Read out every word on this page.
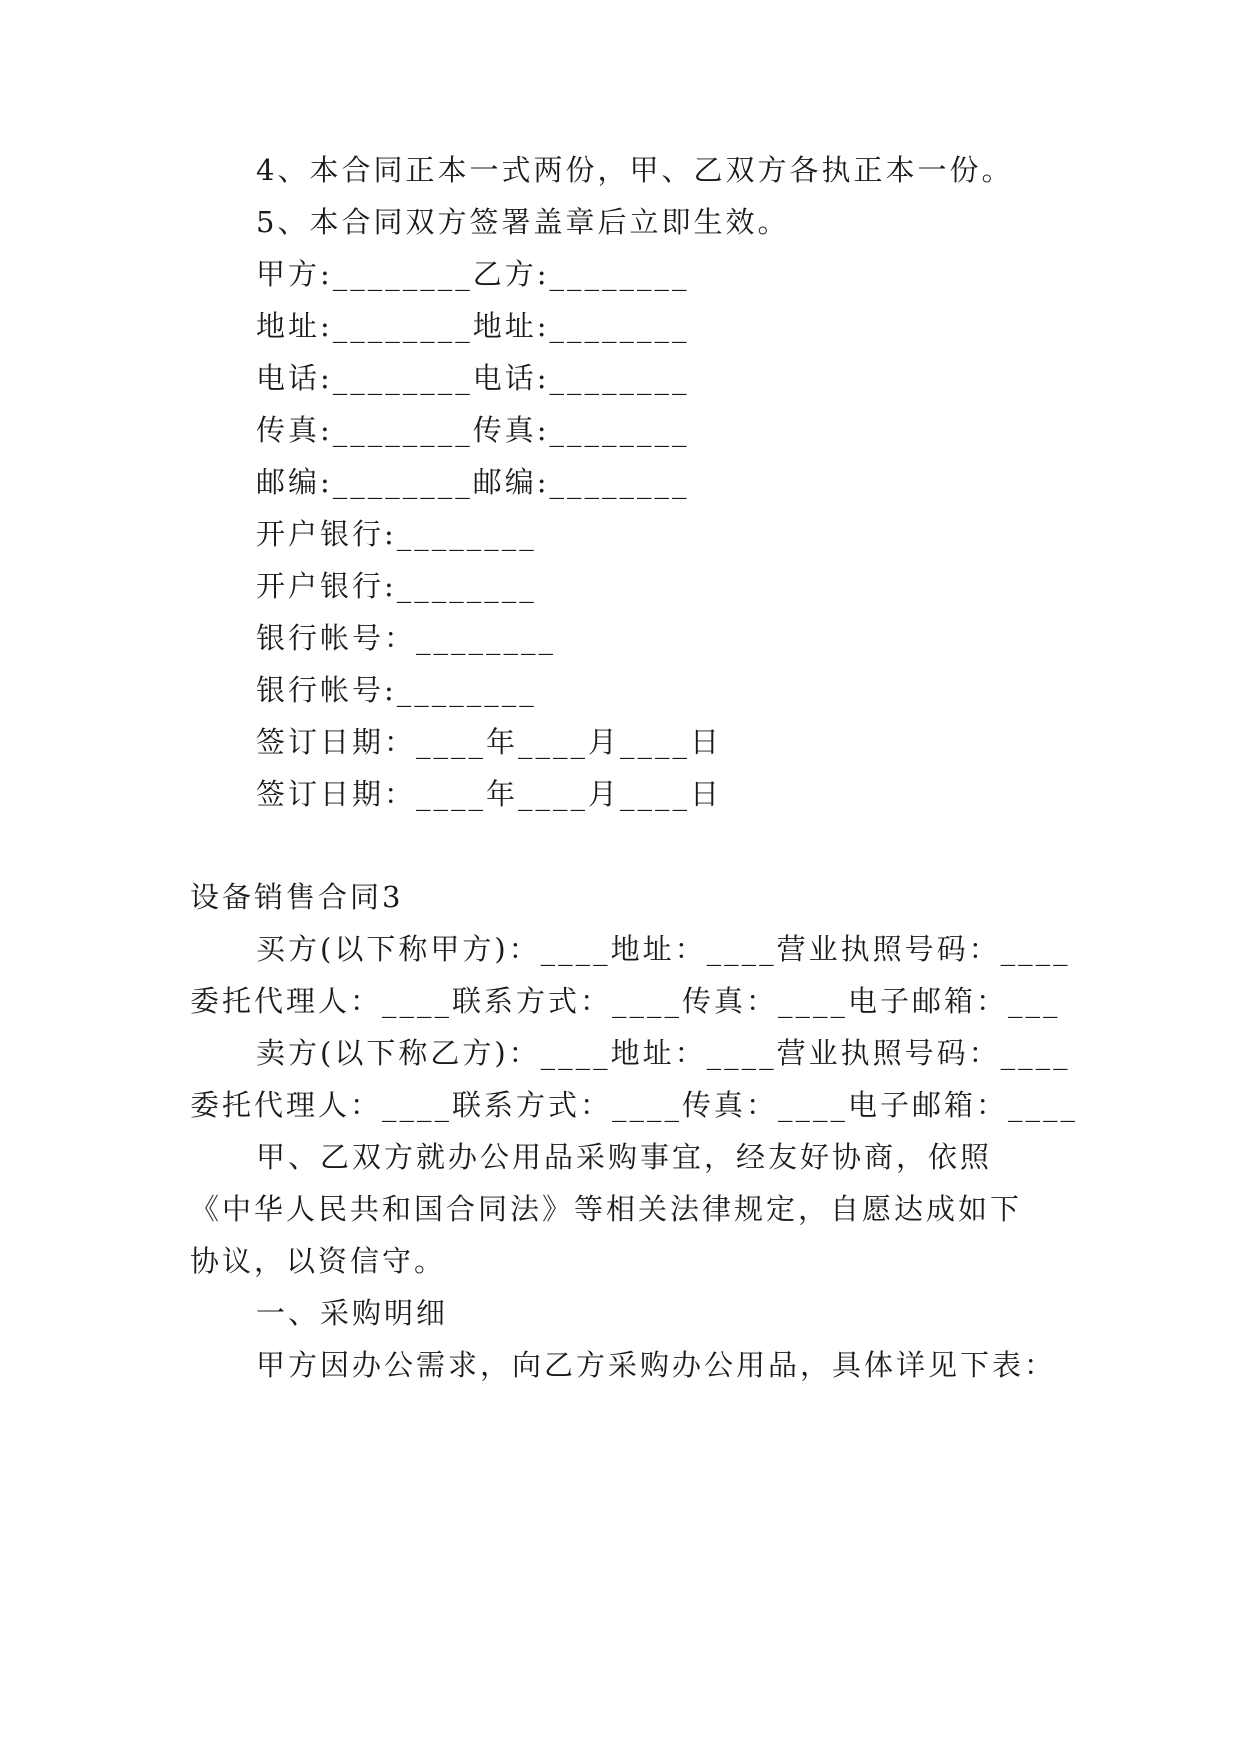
4、本合同正本一式两份，甲、乙双方各执正本一份。
5、本合同双方签署盖章后立即生效。
甲方:________乙方:________
地址:________地址:________
电话:________电话:________
传真:________传真:________
邮编:________邮编:________
开户银行:________
开户银行:________
银行帐号：________
银行帐号:________
签订日期：____年____月____日
签订日期：____年____月____日
设备销售合同3
买方(以下称甲方)：____地址：____营业执照号码：____
委托代理人：____联系方式：____传真：____电子邮箱：___
卖方(以下称乙方)：____地址：____营业执照号码：____
委托代理人：____联系方式：____传真：____电子邮箱：____
甲、乙双方就办公用品采购事宜，经友好协商，依照
《中华人民共和国合同法》等相关法律规定，自愿达成如下
协议，以资信守。
一、采购明细
甲方因办公需求，向乙方采购办公用品，具体详见下表：
